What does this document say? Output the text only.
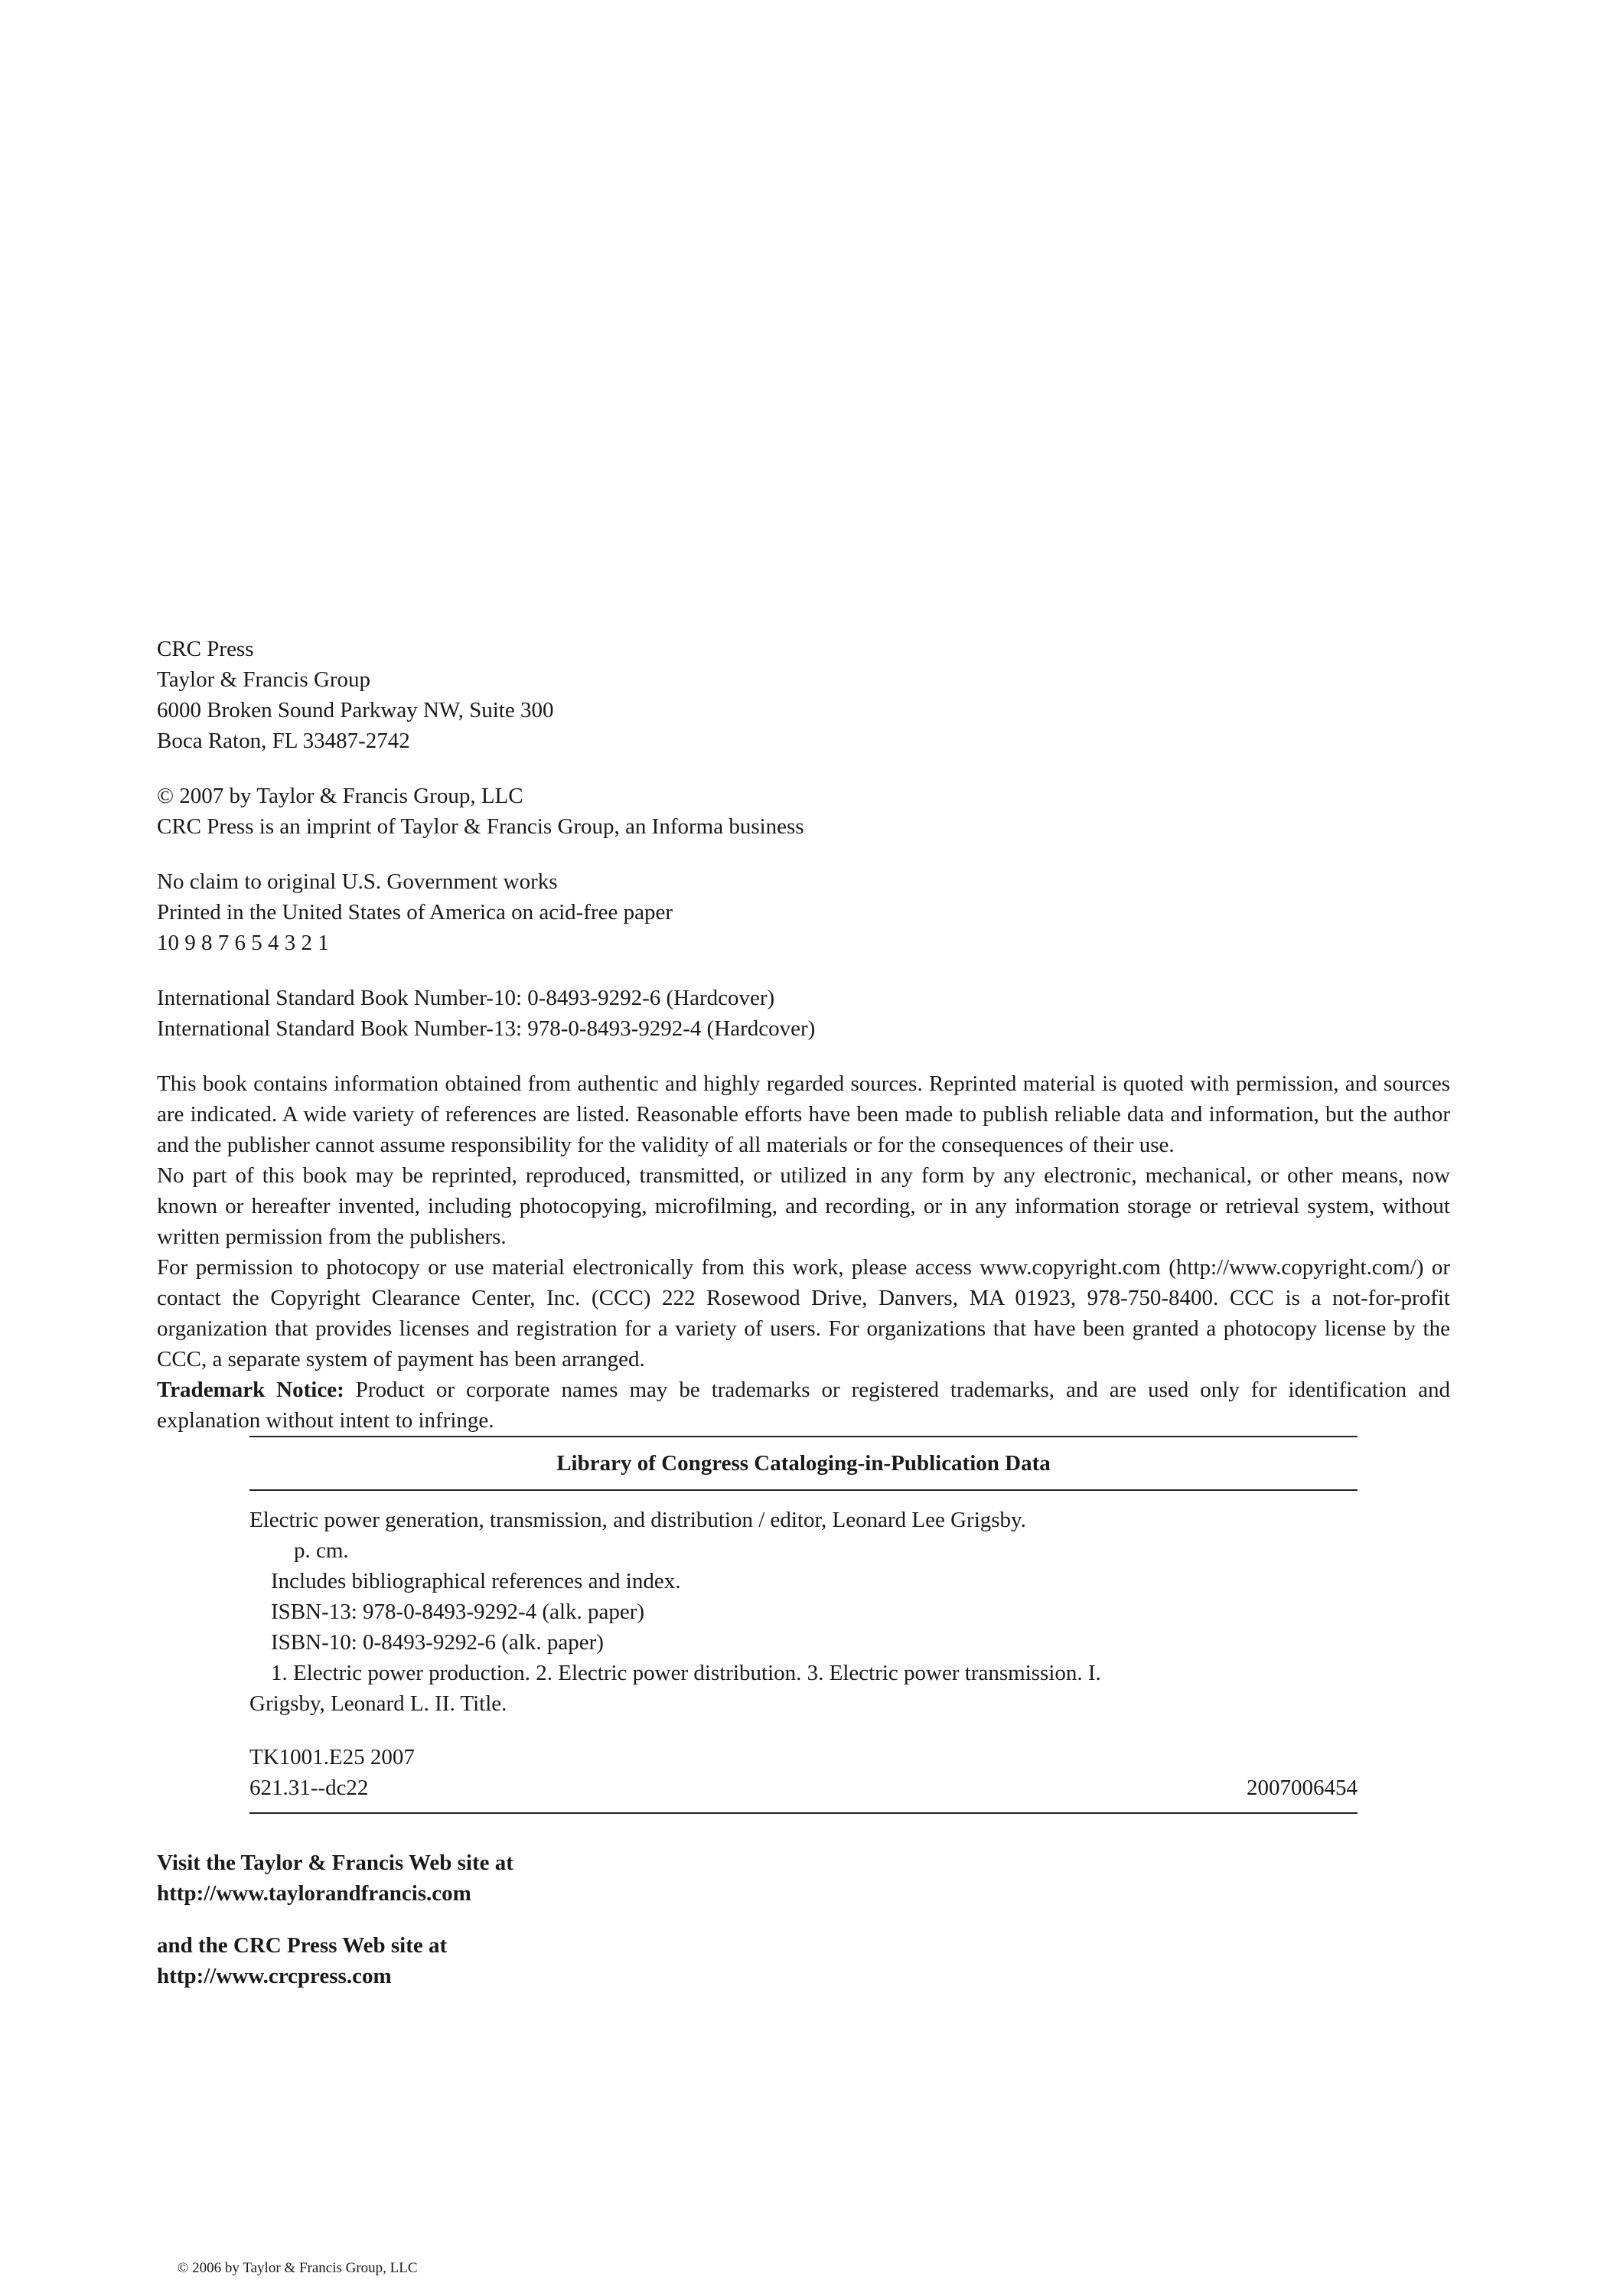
CRC Press

Taylor & Francis Group

6000 Broken Sound Parkway NW, Suite 300

Boca Raton, FL 33487-2742

© 2007 by Taylor & Francis Group, LLC

CRC Press is an imprint of Taylor & Francis Group, an Informa business

No claim to original U.S. Government works

Printed in the United States of America on acid-free paper

10 9 8 7 6 5 4 3 2 1

International Standard Book Number-10: 0-8493-9292-6 (Hardcover)

International Standard Book Number-13: 978-0-8493-9292-4 (Hardcover)

This book contains information obtained from authentic and highly regarded sources. Reprinted material is quoted with permission, and sources are indicated. A wide variety of references are listed. Reasonable efforts have been made to publish reliable data and information, but the author and the publisher cannot assume responsibility for the validity of all materials or for the consequences of their use.

No part of this book may be reprinted, reproduced, transmitted, or utilized in any form by any electronic, mechanical, or other means, now known or hereafter invented, including photocopying, microfilming, and recording, or in any information storage or retrieval system, without written permission from the publishers.

For permission to photocopy or use material electronically from this work, please access www.copyright.com (http://www.copyright.com/) or contact the Copyright Clearance Center, Inc. (CCC) 222 Rosewood Drive, Danvers, MA 01923, 978-750-8400. CCC is a not-for-profit organization that provides licenses and registration for a variety of users. For organizations that have been granted a photocopy license by the CCC, a separate system of payment has been arranged.

Trademark Notice: Product or corporate names may be trademarks or registered trademarks, and are used only for identification and explanation without intent to infringe.

Library of Congress Cataloging-in-Publication Data

Electric power generation, transmission, and distribution / editor, Leonard Lee Grigsby.

p. cm.

Includes bibliographical references and index.

ISBN-13: 978-0-8493-9292-4 (alk. paper)

ISBN-10: 0-8493-9292-6 (alk. paper)

1. Electric power production. 2. Electric power distribution. 3. Electric power transmission. I.

Grigsby, Leonard L. II. Title.

TK1001.E25 2007

621.31--dc22	2007006454

Visit the Taylor & Francis Web site at

http://www.taylorandfrancis.com

and the CRC Press Web site at

http://www.crcpress.com

© 2006 by Taylor & Francis Group, LLC
